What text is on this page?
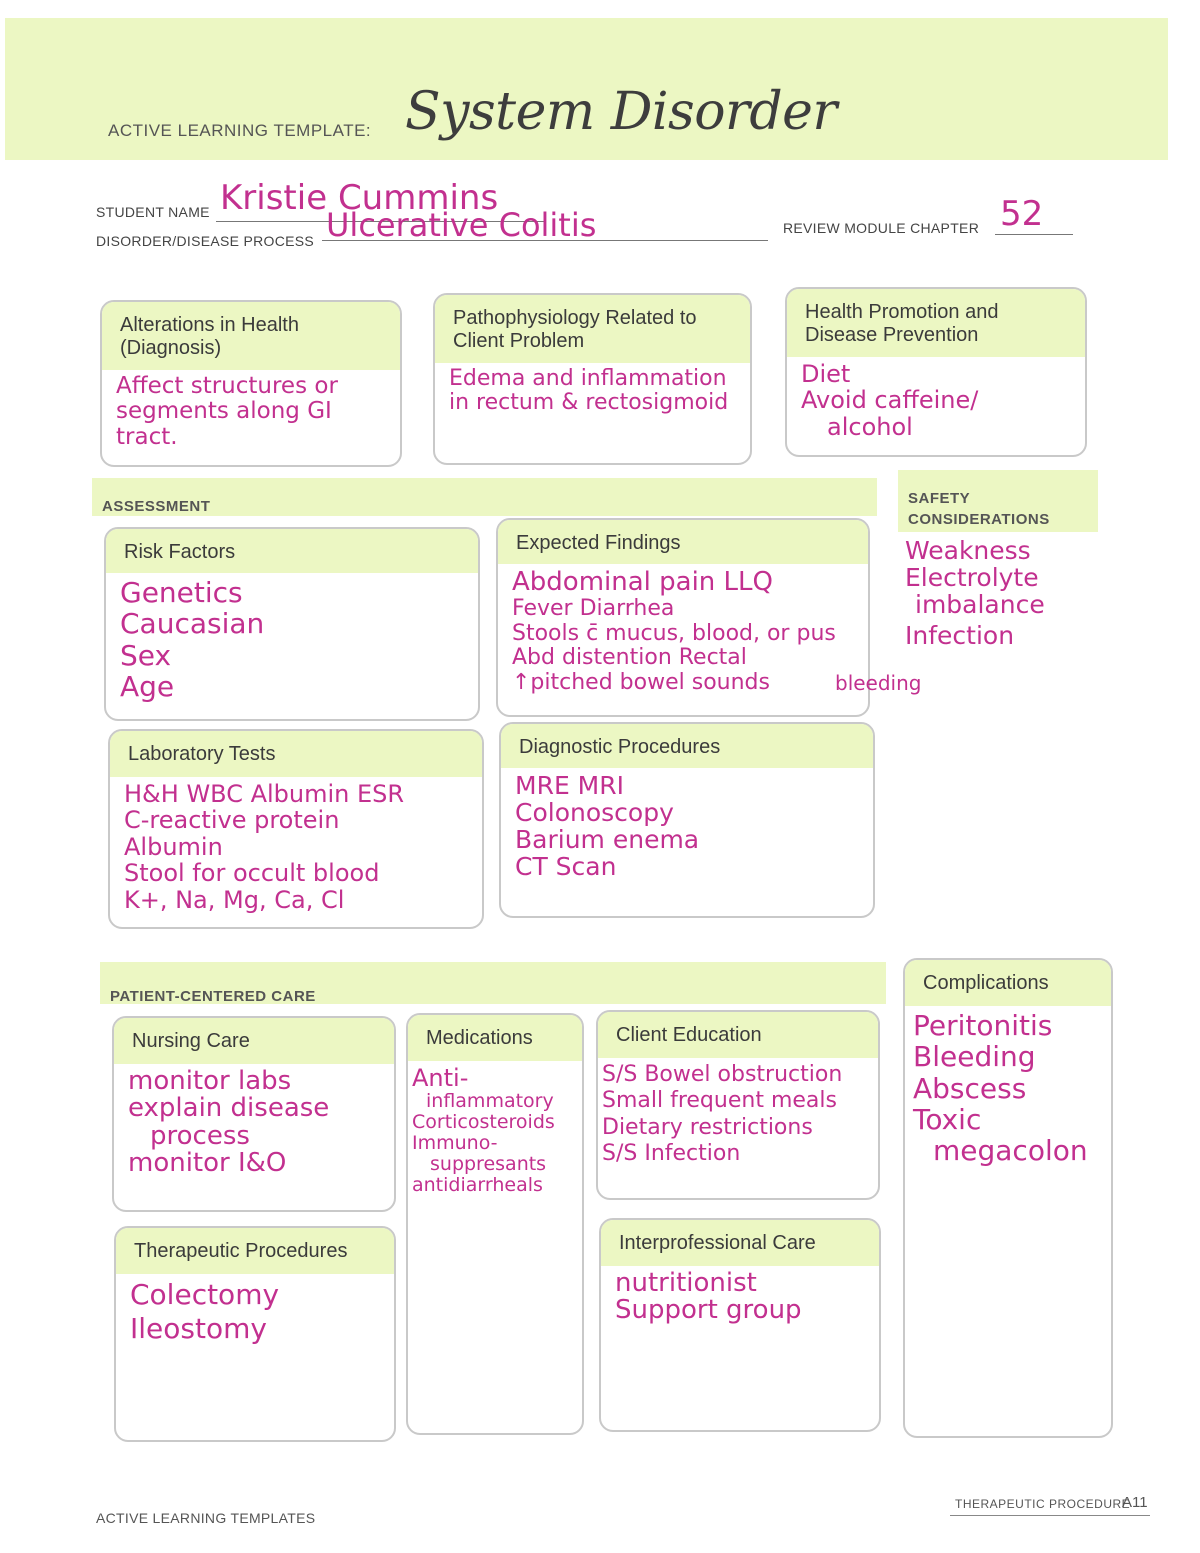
ACTIVE LEARNING TEMPLATE: System Disorder
STUDENT NAME Kristie Cummins
DISORDER/DISEASE PROCESS Ulcerative Colitis	REVIEW MODULE CHAPTER 52
Alterations in Health (Diagnosis)
Affect structures or
segments along GI
tract.
Pathophysiology Related to Client Problem
Edema and inflammation
in rectum & rectosigmoid
Health Promotion and Disease Prevention
Diet
Avoid caffeine/
alcohol
ASSESSMENT	SAFETY
CONSIDERATIONS
Weakness
Electrolyte
imbalance
Infection
Risk Factors
Genetics
Caucasian
Sex
Age
Expected Findings
Abdominal pain LLQ
Fever Diarrhea
Stools c̄ mucus, blood, or pus
Abd distention Rectal
↑pitched bowel sounds	bleeding
Laboratory Tests
H&H WBC Albumin ESR
C-reactive protein
Albumin
Stool for occult blood
K+, Na, Mg, Ca, Cl
Diagnostic Procedures
MRE MRI
Colonoscopy
Barium enema
CT Scan
PATIENT-CENTERED CARE
Complications
Peritonitis
Bleeding
Abscess
Toxic
megacolon
Nursing Care
monitor labs
explain disease
process
monitor I&O
Medications
Anti-
inflammatory
Corticosteroids
Immuno-
suppresants
antidiarrheals
Client Education
S/S Bowel obstruction
Small frequent meals
Dietary restrictions
S/S Infection
Therapeutic Procedures
Colectomy
Ileostomy
Interprofessional Care
nutritionist
Support group
ACTIVE LEARNING TEMPLATES
THERAPEUTIC PROCEDURE
A11
